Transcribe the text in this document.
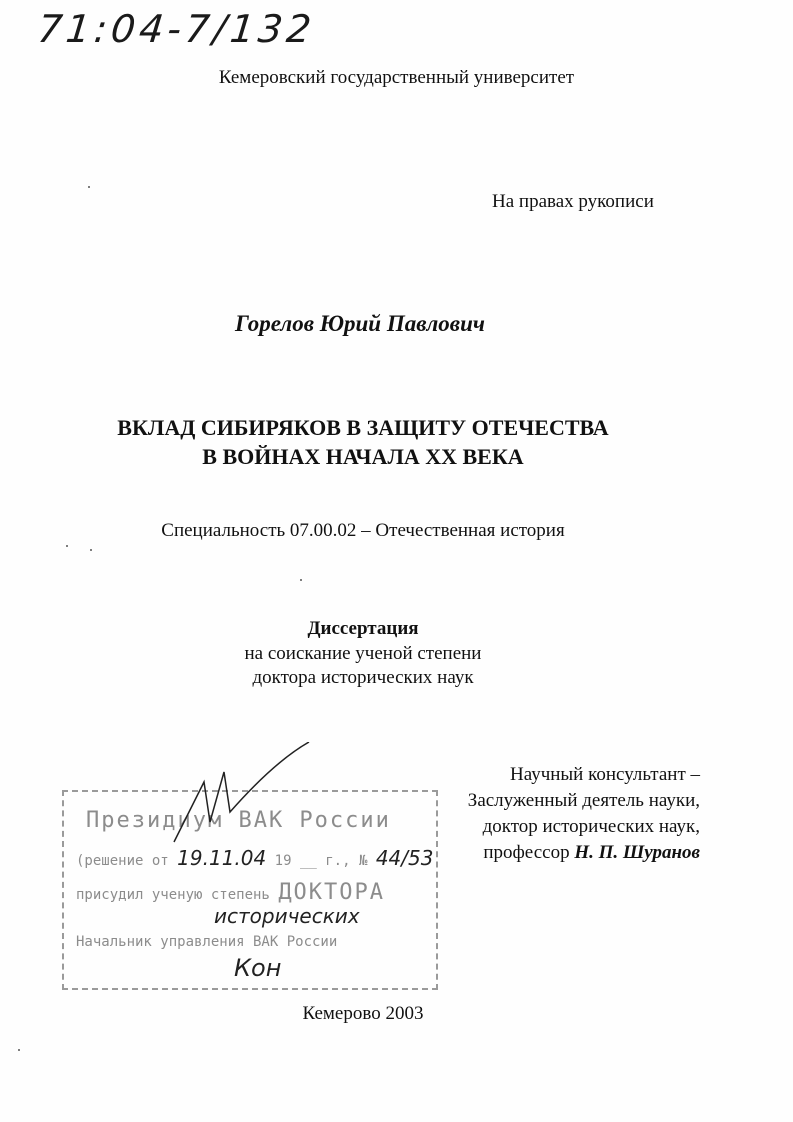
71:04-7/132
Кемеровский государственный университет
На правах рукописи
Горелов Юрий Павлович
ВКЛАД СИБИРЯКОВ В ЗАЩИТУ ОТЕЧЕСТВА
В ВОЙНАХ НАЧАЛА XX ВЕКА
Специальность 07.00.02 – Отечественная история
Диссертация
на соискание ученой степени
доктора исторических наук
Научный консультант –
Заслуженный деятель науки,
доктор исторических наук,
профессор Н. П. Шуранов
Президиум ВАК России
(решение от 19.11.04 19 __ г., № 44/53
присудил ученую степень ДОКТОРА
исторических
Начальник управления ВАК России
Кон
Кемерово 2003
